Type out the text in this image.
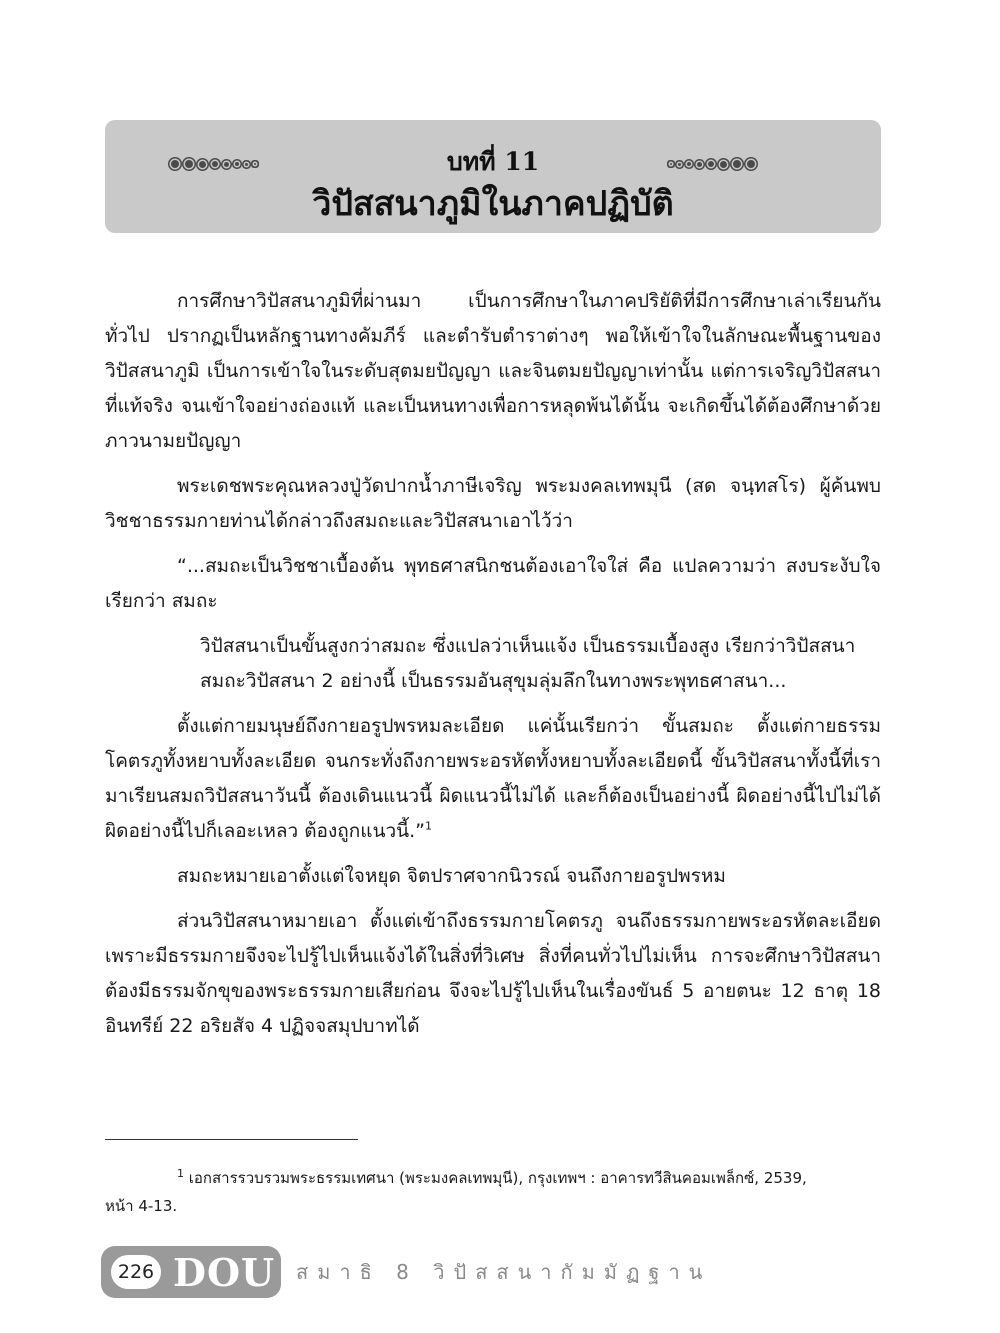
บทที่ 11
วิปัสสนาภูมิในภาคปฏิบัติ

การศึกษาวิปัสสนาภูมิที่ผ่านมา เป็นการศึกษาในภาคปริยัติที่มีการศึกษาเล่าเรียนกันทั่วไป ปรากฏเป็นหลักฐานทางคัมภีร์ และตำรับตำราต่างๆ พอให้เข้าใจในลักษณะพื้นฐานของวิปัสสนาภูมิ เป็นการเข้าใจในระดับสุตมยปัญญา และจินตมยปัญญาเท่านั้น แต่การเจริญวิปัสสนาที่แท้จริง จนเข้าใจอย่างถ่องแท้ และเป็นหนทางเพื่อการหลุดพ้นได้นั้น จะเกิดขึ้นได้ต้องศึกษาด้วยภาวนามยปัญญา

พระเดชพระคุณหลวงปู่วัดปากน้ำภาษีเจริญ พระมงคลเทพมุนี (สด จนฺทสโร) ผู้ค้นพบวิชชาธรรมกายท่านได้กล่าวถึงสมถะและวิปัสสนาเอาไว้ว่า

“...สมถะเป็นวิชชาเบื้องต้น พุทธศาสนิกชนต้องเอาใจใส่ คือ แปลความว่า สงบระงับใจ เรียกว่า สมถะ

วิปัสสนาเป็นขั้นสูงกว่าสมถะ ซึ่งแปลว่าเห็นแจ้ง เป็นธรรมเบื้องสูง เรียกว่าวิปัสสนา
สมถะวิปัสสนา 2 อย่างนี้ เป็นธรรมอันสุขุมลุ่มลึกในทางพระพุทธศาสนา...

ตั้งแต่กายมนุษย์ถึงกายอรูปพรหมละเอียด แค่นั้นเรียกว่า ขั้นสมถะ ตั้งแต่กายธรรมโคตรภูทั้งหยาบทั้งละเอียด จนกระทั่งถึงกายพระอรหัตทั้งหยาบทั้งละเอียดนี้ ขั้นวิปัสสนาทั้งนี้ที่เรามาเรียนสมถวิปัสสนาวันนี้ ต้องเดินแนวนี้ ผิดแนวนี้ไม่ได้ และก็ต้องเป็นอย่างนี้ ผิดอย่างนี้ไปไม่ได้ ผิดอย่างนี้ไปก็เลอะเหลว ต้องถูกแนวนี้.”$^1$

สมถะหมายเอาตั้งแต่ใจหยุด จิตปราศจากนิวรณ์ จนถึงกายอรูปพรหม

ส่วนวิปัสสนาหมายเอา ตั้งแต่เข้าถึงธรรมกายโคตรภู จนถึงธรรมกายพระอรหัตละเอียด เพราะมีธรรมกายจึงจะไปรู้ไปเห็นแจ้งได้ในสิ่งที่วิเศษ สิ่งที่คนทั่วไปไม่เห็น การจะศึกษาวิปัสสนาต้องมีธรรมจักขุของพระธรรมกายเสียก่อน จึงจะไปรู้ไปเห็นในเรื่องขันธ์ 5 อายตนะ 12 ธาตุ 18 อินทรีย์ 22 อริยสัจ 4 ปฏิจจสมุปบาทได้

$^1$ เอกสารรวบรวมพระธรรมเทศนา (พระมงคลเทพมุนี), กรุงเทพฯ : อาคารทวีสินคอมเพล็กซ์, 2539,
หน้า 4-13.
226 DOU สมาธิ 8 วิปัสสนากัมมัฏฐาน
